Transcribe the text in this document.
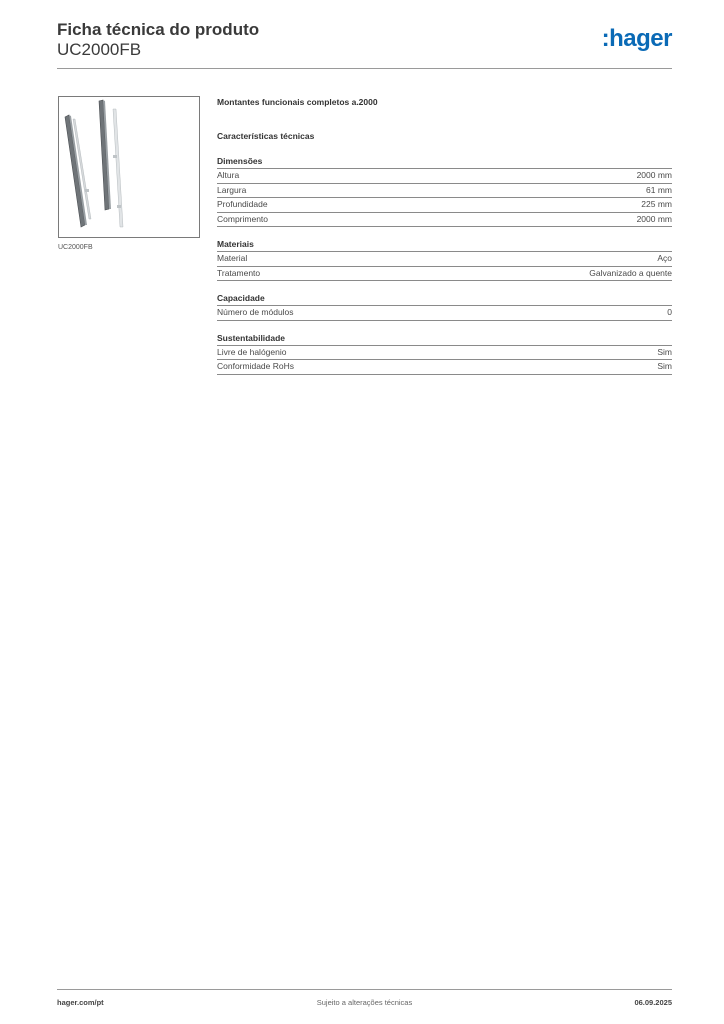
Ficha técnica do produto

UC2000FB	:hager
UC2000FB
Montantes funcionais completos a.2000
Características técnicas
Dimensões
Altura	2000 mm
Largura	61 mm
Profundidade	225 mm
Comprimento	2000 mm
Materiais
Material	Aço
Tratamento	Galvanizado a quente
Capacidade
Número de módulos	0
Sustentabilidade
Livre de halógenio	Sim
Conformidade RoHs	Sim
Sujeito a alterações técnicas
hager.com/pt	06.09.2025
